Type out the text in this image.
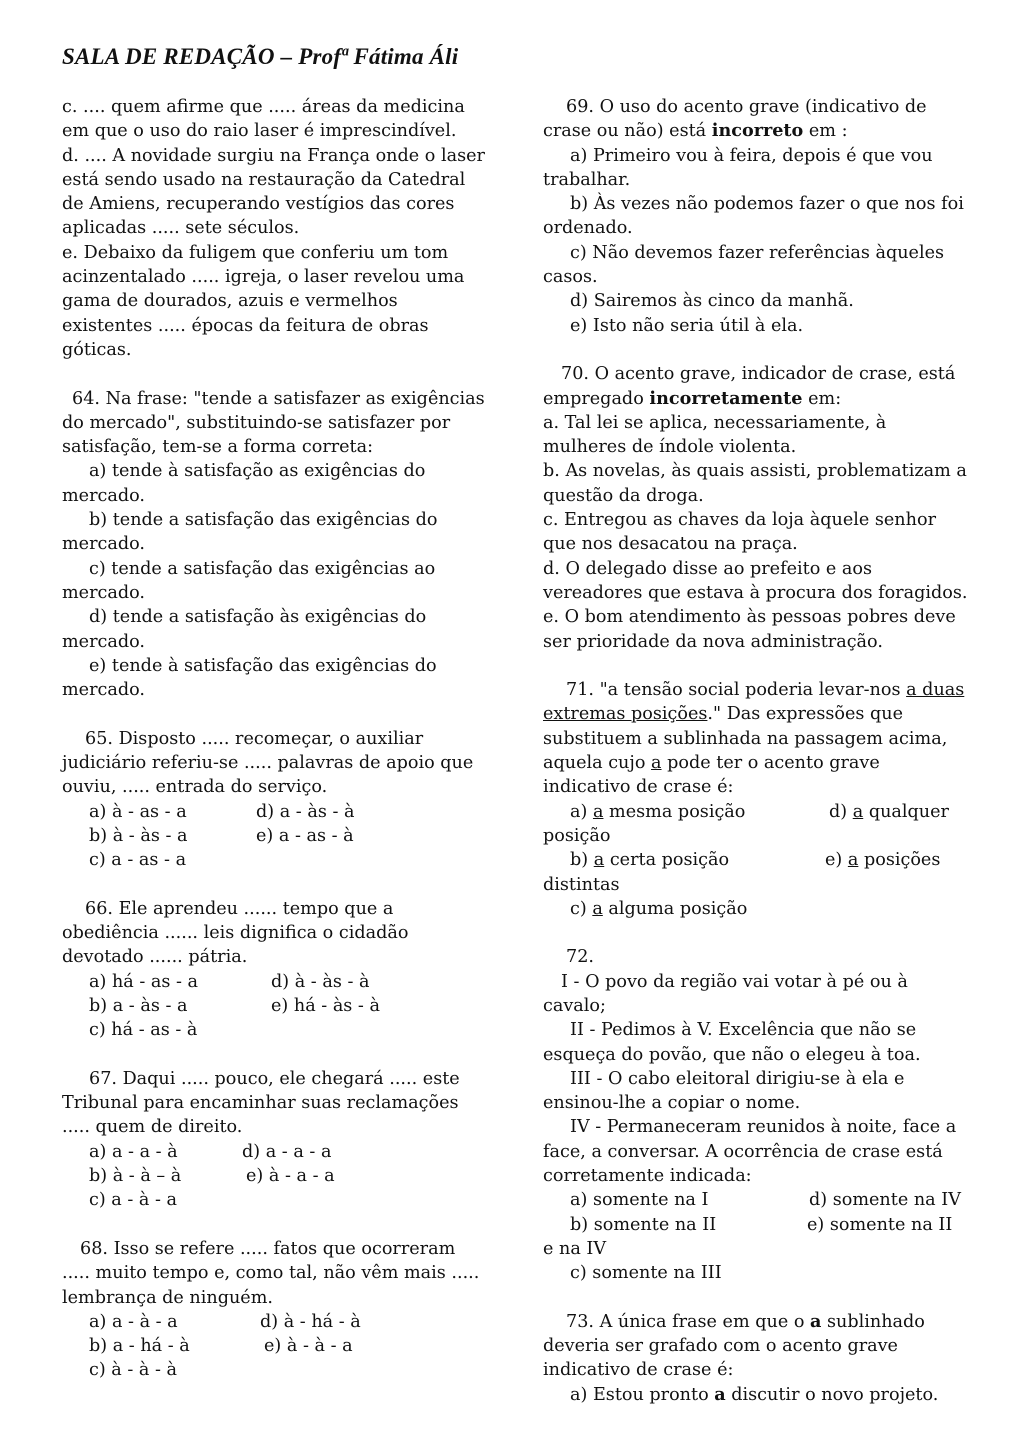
SALA DE REDAÇÃO – Profª Fátima Áli

c. .... quem afirme que ..... áreas da medicina em que o uso do raio laser é imprescindível.

d. .... A novidade surgiu na França onde o laser está sendo usado na restauração da Catedral de Amiens, recuperando vestígios das cores aplicadas ..... sete séculos.

e. Debaixo da fuligem que conferiu um tom acinzentalado ..... igreja, o laser revelou uma gama de dourados, azuis e vermelhos existentes ..... épocas da feitura de obras góticas.

64. Na frase: "tende a satisfazer as exigências do mercado", substituindo-se satisfazer por satisfação, tem-se a forma correta:

a) tende à satisfação as exigências do mercado.

b) tende a satisfação das exigências do mercado.

c) tende a satisfação das exigências ao mercado.

d) tende a satisfação às exigências do mercado.

e) tende à satisfação das exigências do mercado.

65. Disposto ..... recomeçar, o auxiliar judiciário referiu-se ..... palavras de apoio que ouviu, ..... entrada do serviço.

a) à - as - a	d) a - às - à
b) à - às - a	e) a - as - à
c) a - as - a

66. Ele aprendeu ...... tempo que a obediência ...... leis dignifica o cidadão devotado ...... pátria.

a) há - as - a	d) à - às - à
b) a - às - a	e) há - às - à
c) há - as - à

67. Daqui ..... pouco, ele chegará ..... este Tribunal para encaminhar suas reclamações ..... quem de direito.

a) a - a - à	d) a - a - a
b) à - à – à	e) à - a - a
c) a - à - a

68. Isso se refere ..... fatos que ocorreram ..... muito tempo e, como tal, não vêm mais ..... lembrança de ninguém.

a) a - à - a	d) à - há - à
b) a - há - à	e) à - à - a
c) à - à - à

69. O uso do acento grave (indicativo de crase ou não) está incorreto em :

a) Primeiro vou à feira, depois é que vou trabalhar.

b) Às vezes não podemos fazer o que nos foi ordenado.

c) Não devemos fazer referências àqueles casos.

d) Sairemos às cinco da manhã.

e) Isto não seria útil à ela.

70. O acento grave, indicador de crase, está empregado incorretamente em:

a. Tal lei se aplica, necessariamente, à mulheres de índole violenta.

b. As novelas, às quais assisti, problematizam a questão da droga.

c. Entregou as chaves da loja àquele senhor que nos desacatou na praça.

d. O delegado disse ao prefeito e aos vereadores que estava à procura dos foragidos.

e. O bom atendimento às pessoas pobres deve ser prioridade da nova administração.

71. "a tensão social poderia levar-nos a duas extremas posições." Das expressões que substituem a sublinhada na passagem acima, aquela cujo a pode ter o acento grave indicativo de crase é:

a) a mesma posição	d) a qualquer posição

b) a certa posição	e) a posições distintas

c) a alguma posição

72.

I - O povo da região vai votar à pé ou à cavalo;

II - Pedimos à V. Excelência que não se esqueça do povão, que não o elegeu à toa.

III - O cabo eleitoral dirigiu-se à ela e ensinou-lhe a copiar o nome.

IV - Permaneceram reunidos à noite, face a face, a conversar. A ocorrência de crase está corretamente indicada:

a) somente na I	d) somente na IV

b) somente na II	e) somente na II e na IV

c) somente na III

73. A única frase em que o a sublinhado deveria ser grafado com o acento grave indicativo de crase é:

a) Estou pronto a discutir o novo projeto.
